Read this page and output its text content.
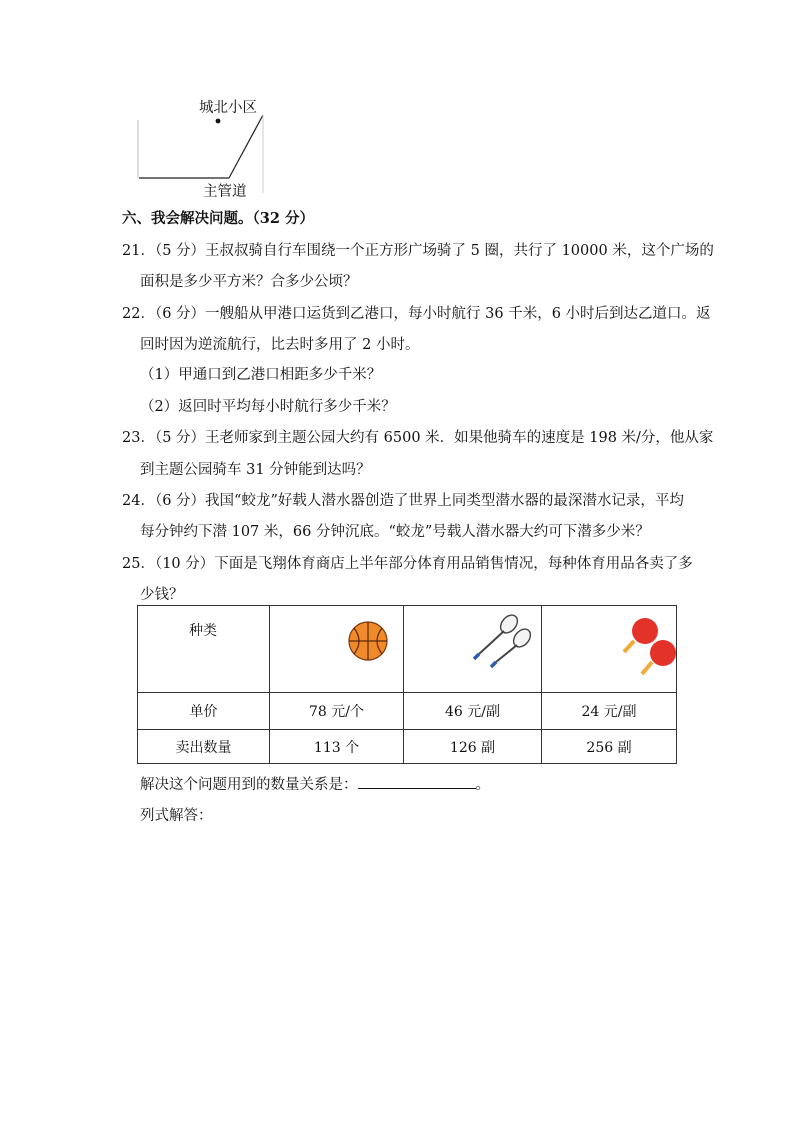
城北小区
主管道
六、我会解决问题。（32 分）
21．（5 分）王叔叔骑自行车围绕一个正方形广场骑了 5 圈，共行了 10000 米，这个广场的
面积是多少平方米？合多少公顷？
22．（6 分）一艘船从甲港口运货到乙港口，每小时航行 36 千米，6 小时后到达乙道口。返
回时因为逆流航行，比去时多用了 2 小时。
（1）甲通口到乙港口相距多少千米？
（2）返回时平均每小时航行多少千米？
23．（5 分）王老师家到主题公园大约有 6500 米．如果他骑车的速度是 198 米/分，他从家
到主题公园骑车 31 分钟能到达吗？
24．（6 分）我国“蛟龙”好载人潜水器创造了世界上同类型潜水器的最深潜水记录，平均
每分钟约下潜 107 米，66 分钟沉底。“蛟龙”号载人潜水器大约可下潜多少米？
25．（10 分）下面是飞翔体育商店上半年部分体育用品销售情况，每种体育用品各卖了多
少钱？
种类	

单价	78 元/个	46 元/副	24 元/副
卖出数量	113 个	126 副	256 副
解决这个问题用到的数量关系是：	。
列式解答：
